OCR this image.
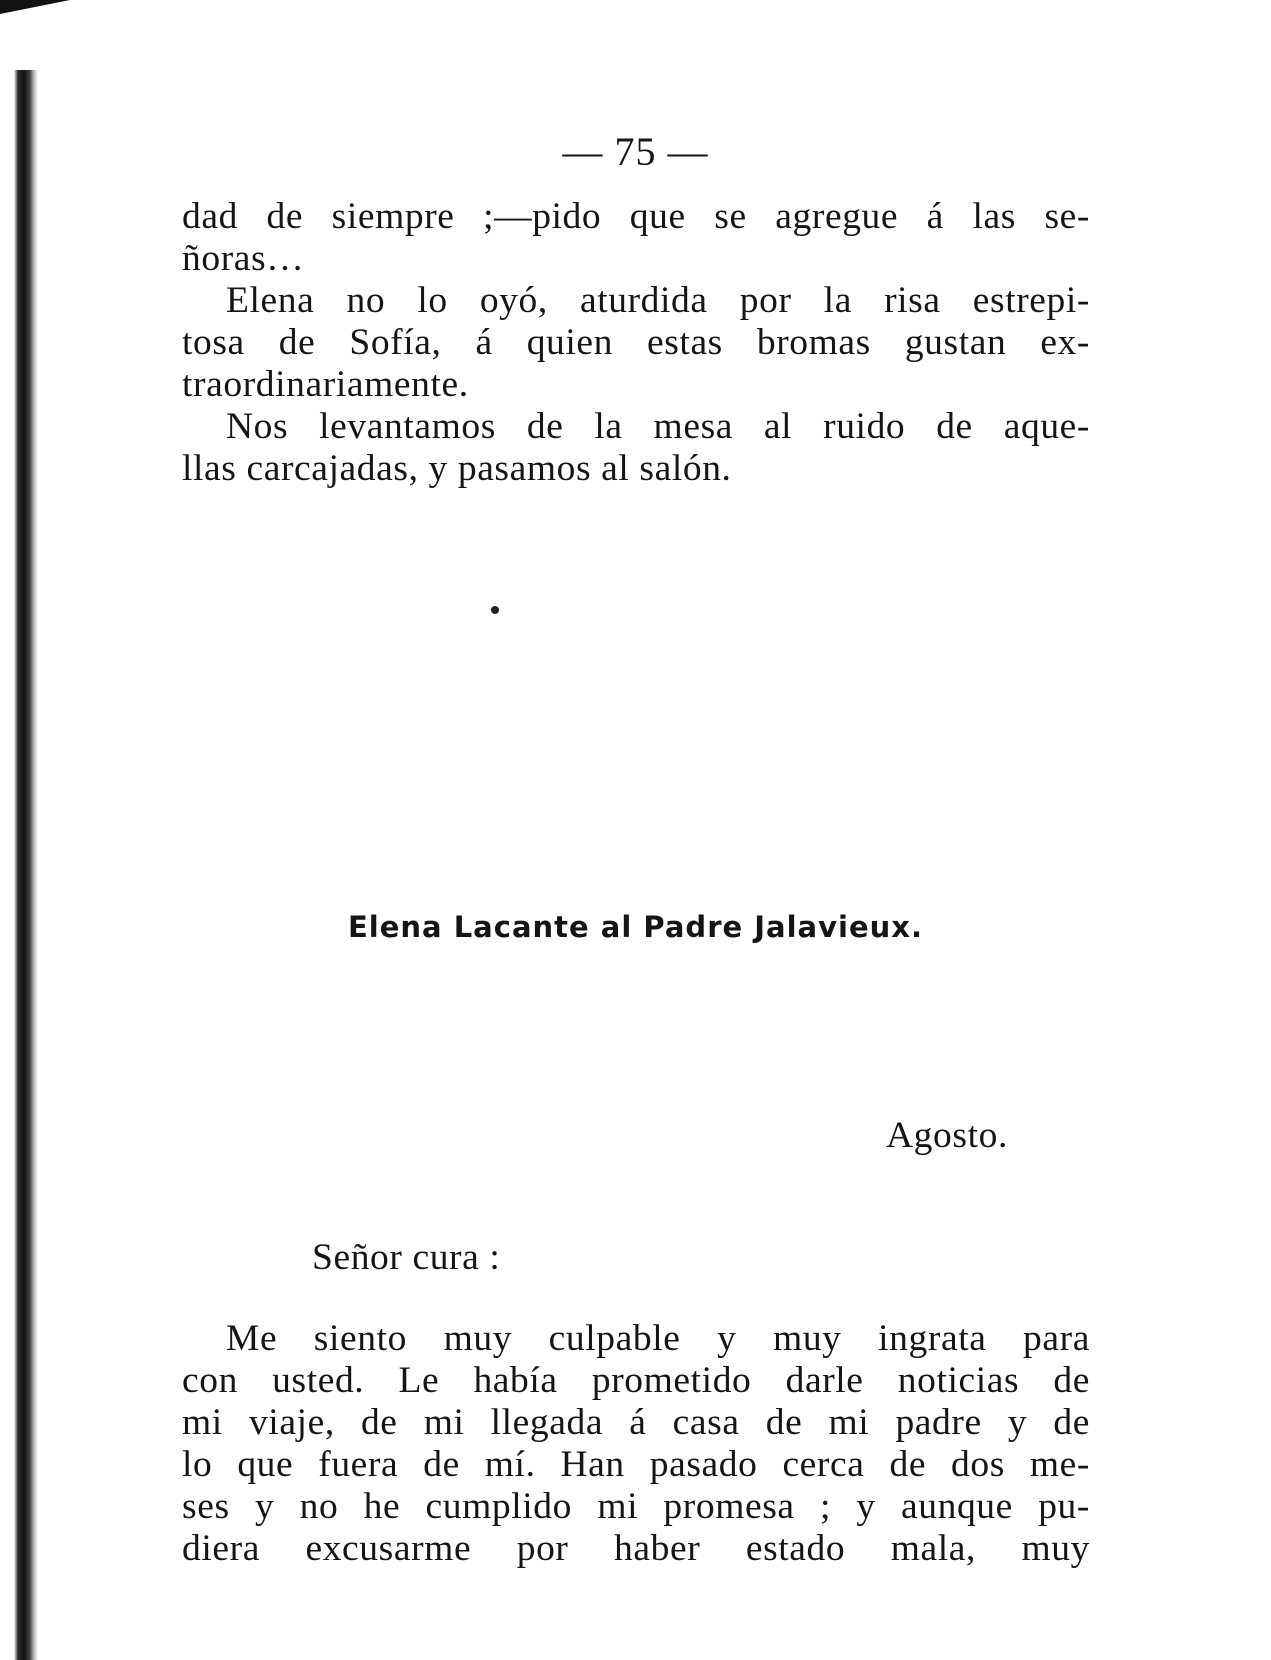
— 75 —
dad de siempre ;—pido que se agregue á las se-
ñoras…
Elena no lo oyó, aturdida por la risa estrepi-
tosa de Sofía, á quien estas bromas gustan ex-
traordinariamente.
Nos levantamos de la mesa al ruido de aque-
llas carcajadas, y pasamos al salón.
Elena Lacante al Padre Jalavieux.
Agosto.
Señor cura :
Me siento muy culpable y muy ingrata para
con usted. Le había prometido darle noticias de
mi viaje, de mi llegada á casa de mi padre y de
lo que fuera de mí. Han pasado cerca de dos me-
ses y no he cumplido mi promesa ; y aunque pu-
diera excusarme por haber estado mala, muy
